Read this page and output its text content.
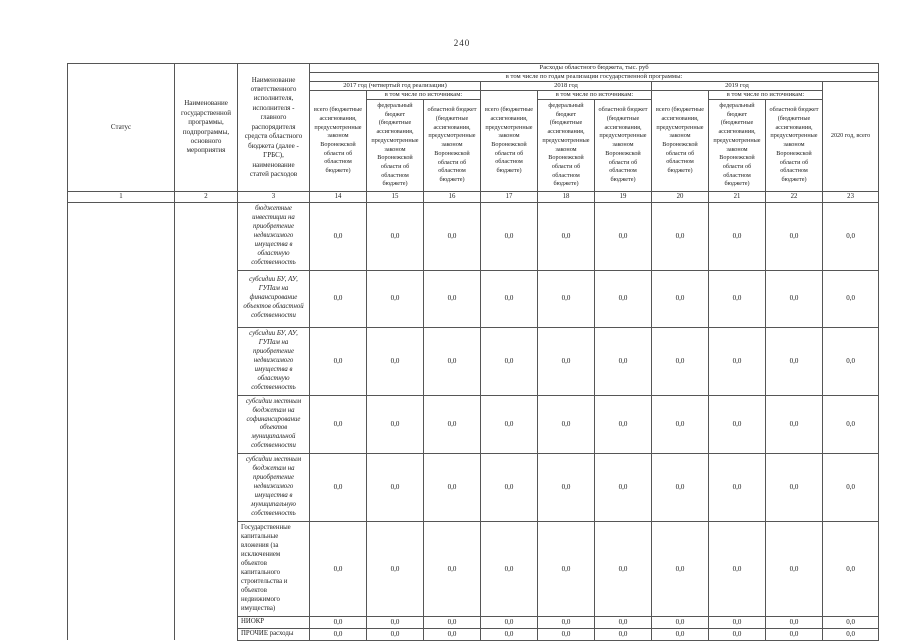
240
Статус	Наименование государственной программы, подпрограммы, основного мероприятия	Наименование ответственного исполнителя, исполнителя - главного распорядителя средств областного бюджета (далее - ГРБС), наименование статей расходов	Расходы областного бюджета, тыс. руб									
			в том числе по годам реализации государственной программы:									
			2017 год (четвертый год реализации)			2018 год			2019 год			2020 год, всего
			всего (бюджетные ассигнования, предусмотренные законом Воронежской области об областном бюджете)	в том числе по источникам:		всего (бюджетные ассигнования, предусмотренные законом Воронежской области об областном бюджете)	в том числе по источникам:		всего (бюджетные ассигнования, предусмотренные законом Воронежской области об областном бюджете)	в том числе по источникам:		
				федеральный бюджет (бюджетные ассигнования, предусмотренные законом Воронежской области об областном бюджете)	областной бюджет (бюджетные ассигнования, предусмотренные законом Воронежской области об областном бюджете)		федеральный бюджет (бюджетные ассигнования, предусмотренные законом Воронежской области об областном бюджете)	областной бюджет (бюджетные ассигнования, предусмотренные законом Воронежской области об областном бюджете)		федеральный бюджет (бюджетные ассигнования, предусмотренные законом Воронежской области об областном бюджете)	областной бюджет (бюджетные ассигнования, предусмотренные законом Воронежской области об областном бюджете)	
1	2	3	14	15	16	17	18	19	20	21	22	23
		бюджетные инвестиции на приобретение недвижимого имущества в областную собственность	0,0	0,0	0,0	0,0	0,0	0,0	0,0	0,0	0,0	0,0
		субсидии БУ, АУ, ГУПам на финансирование объектов областной собственности	0,0	0,0	0,0	0,0	0,0	0,0	0,0	0,0	0,0	0,0
		субсидии БУ, АУ, ГУПам на приобретение недвижимого имущества в областную собственность	0,0	0,0	0,0	0,0	0,0	0,0	0,0	0,0	0,0	0,0
		субсидии местным бюджетам на софинансирование объектов муниципальной собственности	0,0	0,0	0,0	0,0	0,0	0,0	0,0	0,0	0,0	0,0
		субсидии местным бюджетам на приобретение недвижимого имущества в муниципальную собственность	0,0	0,0	0,0	0,0	0,0	0,0	0,0	0,0	0,0	0,0
		Государственные капитальные вложения (за исключением объектов капитального строительства и объектов недвижимого имущества)	0,0	0,0	0,0	0,0	0,0	0,0	0,0	0,0	0,0	0,0
		НИОКР	0,0	0,0	0,0	0,0	0,0	0,0	0,0	0,0	0,0	0,0
		ПРОЧИЕ расходы	0,0	0,0	0,0	0,0	0,0	0,0	0,0	0,0	0,0	0,0
